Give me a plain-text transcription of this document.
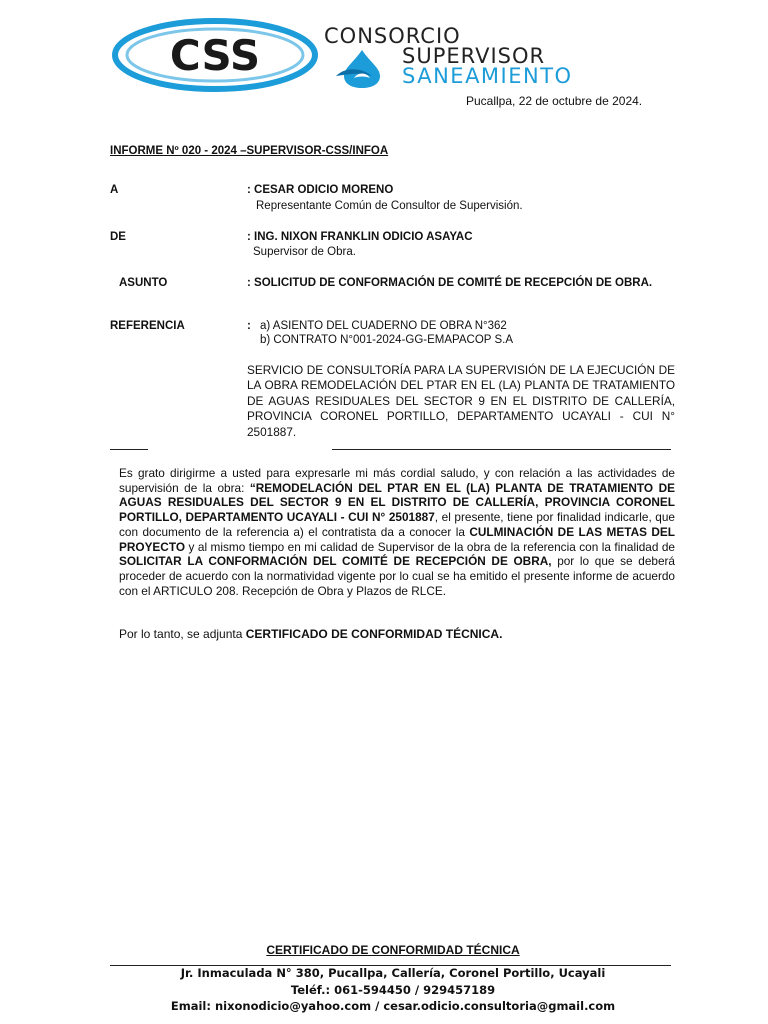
CSS	CONSORCIO
SUPERVISOR
SANEAMIENTO
Pucallpa, 22 de octubre de 2024.
INFORME Nº 020 - 2024 –SUPERVISOR-CSS/INFOA
A	: CESAR ODICIO MORENO
Representante Común de Consultor de Supervisión.
DE	: ING. NIXON FRANKLIN ODICIO ASAYAC
Supervisor de Obra.
ASUNTO	: SOLICITUD DE CONFORMACIÓN DE COMITÉ DE RECEPCIÓN DE OBRA.
REFERENCIA	: a) ASIENTO DEL CUADERNO DE OBRA N°362
b) CONTRATO N°001-2024-GG-EMAPACOP S.A
SERVICIO DE CONSULTORÍA PARA LA SUPERVISIÓN DE LA EJECUCIÓN DE LA OBRA REMODELACIÓN DEL PTAR EN EL (LA) PLANTA DE TRATAMIENTO DE AGUAS RESIDUALES DEL SECTOR 9 EN EL DISTRITO DE CALLERÍA, PROVINCIA CORONEL PORTILLO, DEPARTAMENTO UCAYALI - CUI N° 2501887.
Es grato dirigirme a usted para expresarle mi más cordial saludo, y con relación a las actividades de supervisión de la obra: “REMODELACIÓN DEL PTAR EN EL (LA) PLANTA DE TRATAMIENTO DE AGUAS RESIDUALES DEL SECTOR 9 EN EL DISTRITO DE CALLERÍA, PROVINCIA CORONEL PORTILLO, DEPARTAMENTO UCAYALI - CUI N° 2501887, el presente, tiene por finalidad indicarle, que con documento de la referencia a) el contratista da a conocer la CULMINACIÓN DE LAS METAS DEL PROYECTO y al mismo tiempo en mi calidad de Supervisor de la obra de la referencia con la finalidad de SOLICITAR LA CONFORMACIÓN DEL COMITÉ DE RECEPCIÓN DE OBRA, por lo que se deberá proceder de acuerdo con la normatividad vigente por lo cual se ha emitido el presente informe de acuerdo con el ARTICULO 208. Recepción de Obra y Plazos de RLCE.
Por lo tanto, se adjunta CERTIFICADO DE CONFORMIDAD TÉCNICA.
CERTIFICADO DE CONFORMIDAD TÉCNICA
Jr. Inmaculada N° 380, Pucallpa, Callería, Coronel Portillo, Ucayali
Teléf.: 061-594450 / 929457189
Email: nixonodicio@yahoo.com / cesar.odicio.consultoria@gmail.com
